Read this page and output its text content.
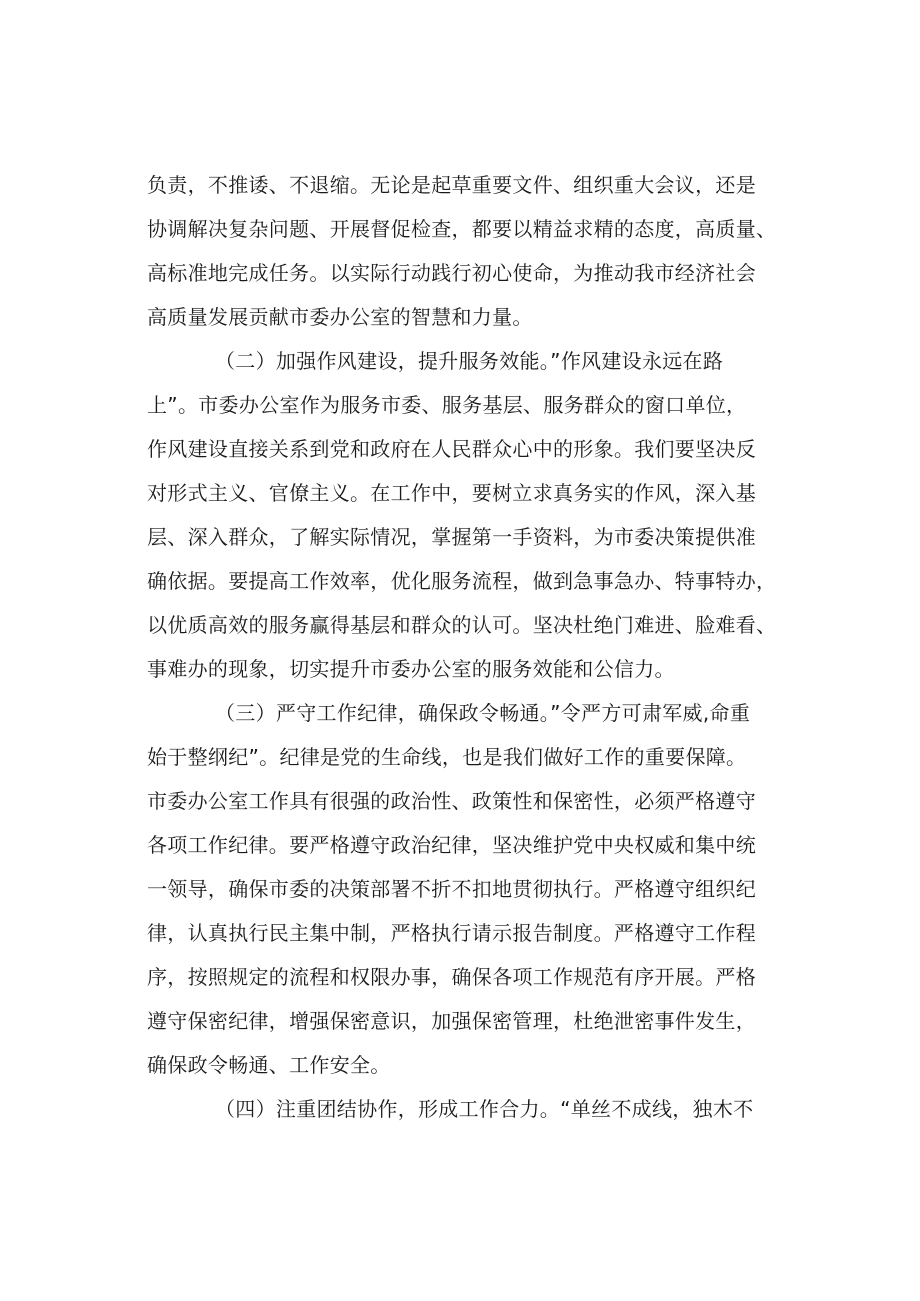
负责，不推诿、不退缩。无论是起草重要文件、组织重大会议，还是
协调解决复杂问题、开展督促检查，都要以精益求精的态度，高质量、
高标准地完成任务。以实际行动践行初心使命，为推动我市经济社会
高质量发展贡献市委办公室的智慧和力量。
（二）加强作风建设，提升服务效能。”作风建设永远在路
上”。市委办公室作为服务市委、服务基层、服务群众的窗口单位，
作风建设直接关系到党和政府在人民群众心中的形象。我们要坚决反
对形式主义、官僚主义。在工作中，要树立求真务实的作风，深入基
层、深入群众，了解实际情况，掌握第一手资料，为市委决策提供准
确依据。要提高工作效率，优化服务流程，做到急事急办、特事特办，
以优质高效的服务赢得基层和群众的认可。坚决杜绝门难进、脸难看、
事难办的现象，切实提升市委办公室的服务效能和公信力。
（三）严守工作纪律，确保政令畅通。”令严方可肃军威,命重
始于整纲纪”。纪律是党的生命线，也是我们做好工作的重要保障。
市委办公室工作具有很强的政治性、政策性和保密性，必须严格遵守
各项工作纪律。要严格遵守政治纪律，坚决维护党中央权威和集中统
一领导，确保市委的决策部署不折不扣地贯彻执行。严格遵守组织纪
律，认真执行民主集中制，严格执行请示报告制度。严格遵守工作程
序，按照规定的流程和权限办事，确保各项工作规范有序开展。严格
遵守保密纪律，增强保密意识，加强保密管理，杜绝泄密事件发生，
确保政令畅通、工作安全。
（四）注重团结协作，形成工作合力。“单丝不成线，独木不
